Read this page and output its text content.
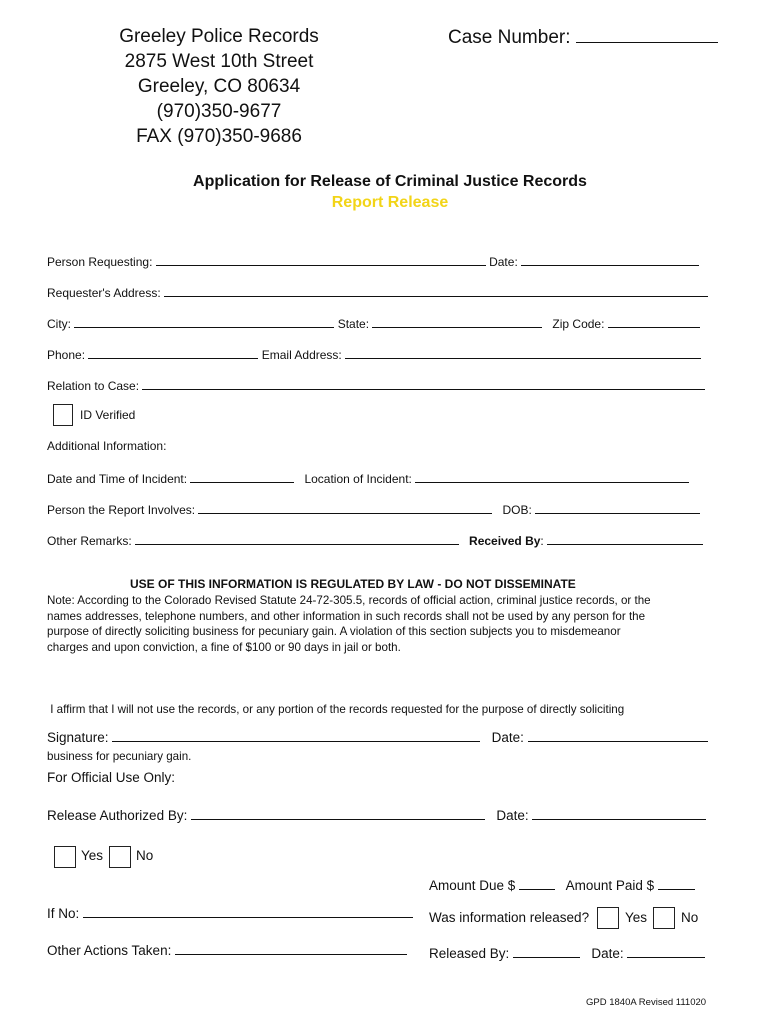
Greeley Police Records
2875 West 10th Street
Greeley, CO 80634
(970)350-9677
FAX (970)350-9686
Case Number:
Application for Release of Criminal Justice Records
Report Release
Person Requesting:	Date:
Requester's Address:
City:	State:	Zip Code:
Phone:	Email Address:
Relation to Case:
ID Verified
Additional Information:
Date and Time of Incident:	Location of Incident:
Person the Report Involves:	DOB:
Other Remarks:	Received By:
USE OF THIS INFORMATION IS REGULATED BY LAW - DO NOT DISSEMINATE
Note: According to the Colorado Revised Statute 24-72-305.5, records of official action, criminal justice records, or the
names addresses, telephone numbers, and other information in such records shall not be used by any person for the
purpose of directly soliciting business for pecuniary gain. A violation of this section subjects you to misdemeanor
charges and upon conviction, a fine of $100 or 90 days in jail or both.

I affirm that I will not use the records, or any portion of the records requested for the purpose of directly soliciting

business for pecuniary gain.

Signature:	Date:
For Official Use Only:
Release Authorized By:	Date:
Yes No
Amount Due $	Amount Paid $
If No:	Was information released?	Yes	No
Other Actions Taken:	Released By:	Date:
GPD 1840A Revised 111020
